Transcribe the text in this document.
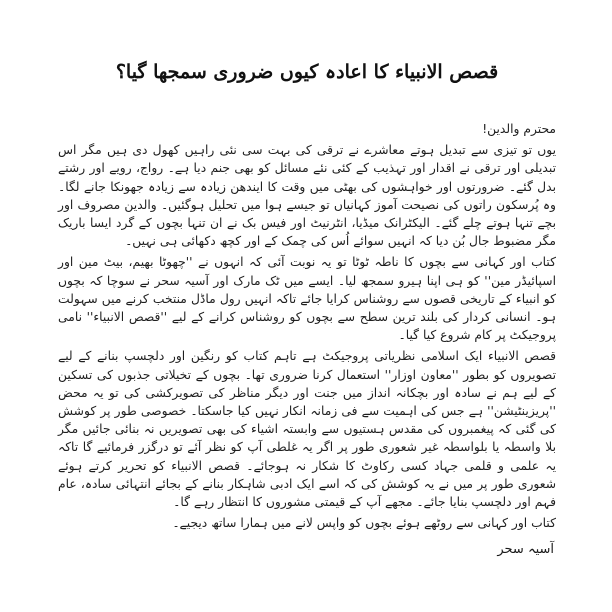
قصص الانبیاء کا اعادہ کیوں ضروری سمجھا گیا؟
محترم والدین!

یوں تو تیزی سے تبدیل ہوتے معاشرے نے ترقی کی بہت سی نئی راہیں کھول دی ہیں مگر اس تبدیلی اور ترقی نے اقدار اور تہذیب کے کئی نئے مسائل کو بھی جنم دیا ہے۔ رواج، رویے اور رشتے بدل گئے۔ ضرورتوں اور خواہشوں کی بھٹی میں وقت کا ایندھن زیادہ سے زیادہ جھونکا جانے لگا۔ وہ پُرسکون راتوں کی نصیحت آموز کہانیاں تو جیسے ہوا میں تحلیل ہوگئیں۔ والدین مصروف اور بچے تنہا ہوتے چلے گئے۔ الیکٹرانک میڈیا، انٹرنیٹ اور فیس بک نے ان تنہا بچوں کے گرد ایسا باریک مگر مضبوط جال بُن دیا کہ انہیں سوائے اُس کی چمک کے اور کچھ دکھائی ہی نہیں۔

کتاب اور کہانی سے بچوں کا ناطہ ٹوٹا تو یہ نوبت آئی کہ انہوں نے ''چھوٹا بھیم، بیٹ مین اور اسپائیڈر مین'' کو ہی اپنا ہیرو سمجھ لیا۔ ایسے میں ٹک مارک اور آسیہ سحر نے سوچا کہ بچوں کو انبیاء کے تاریخی قصوں سے روشناس کرایا جائے تاکہ انہیں رول ماڈل منتخب کرنے میں سہولت ہو۔ انسانی کردار کی بلند ترین سطح سے بچوں کو روشناس کرانے کے لیے ''قصص الانبیاء'' نامی پروجیکٹ پر کام شروع کیا گیا۔

قصص الانبیاء ایک اسلامی نظریاتی پروجیکٹ ہے تاہم کتاب کو رنگین اور دلچسپ بنانے کے لیے تصویروں کو بطور ''معاون اوزار'' استعمال کرنا ضروری تھا۔ بچوں کے تخیلاتی جذبوں کی تسکین کے لیے ہم نے سادہ اور بچکانہ انداز میں جنت اور دیگر مناظر کی تصویرکشی کی تو یہ محض ''پریزینٹیشن'' ہے جس کی اہمیت سے فی زمانہ انکار نہیں کیا جاسکتا۔ خصوصی طور پر کوشش کی گئی کہ پیغمبروں کی مقدس ہستیوں سے وابستہ اشیاء کی بھی تصویریں نہ بنائی جائیں مگر بلا واسطہ یا بلواسطہ غیر شعوری طور پر اگر یہ غلطی آپ کو نظر آئے تو درگزر فرمائیے گا تاکہ یہ علمی و قلمی جہاد کسی رکاوٹ کا شکار نہ ہوجائے۔ قصص الانبیاء کو تحریر کرتے ہوئے شعوری طور پر میں نے یہ کوشش کی کہ اسے ایک ادبی شاہکار بنانے کے بجائے انتہائی سادہ، عام فہم اور دلچسپ بنایا جائے۔ مجھے آپ کے قیمتی مشوروں کا انتظار رہے گا۔

کتاب اور کہانی سے روٹھے ہوئے بچوں کو واپس لانے میں ہمارا ساتھ دیجیے۔

آسیہ سحر
